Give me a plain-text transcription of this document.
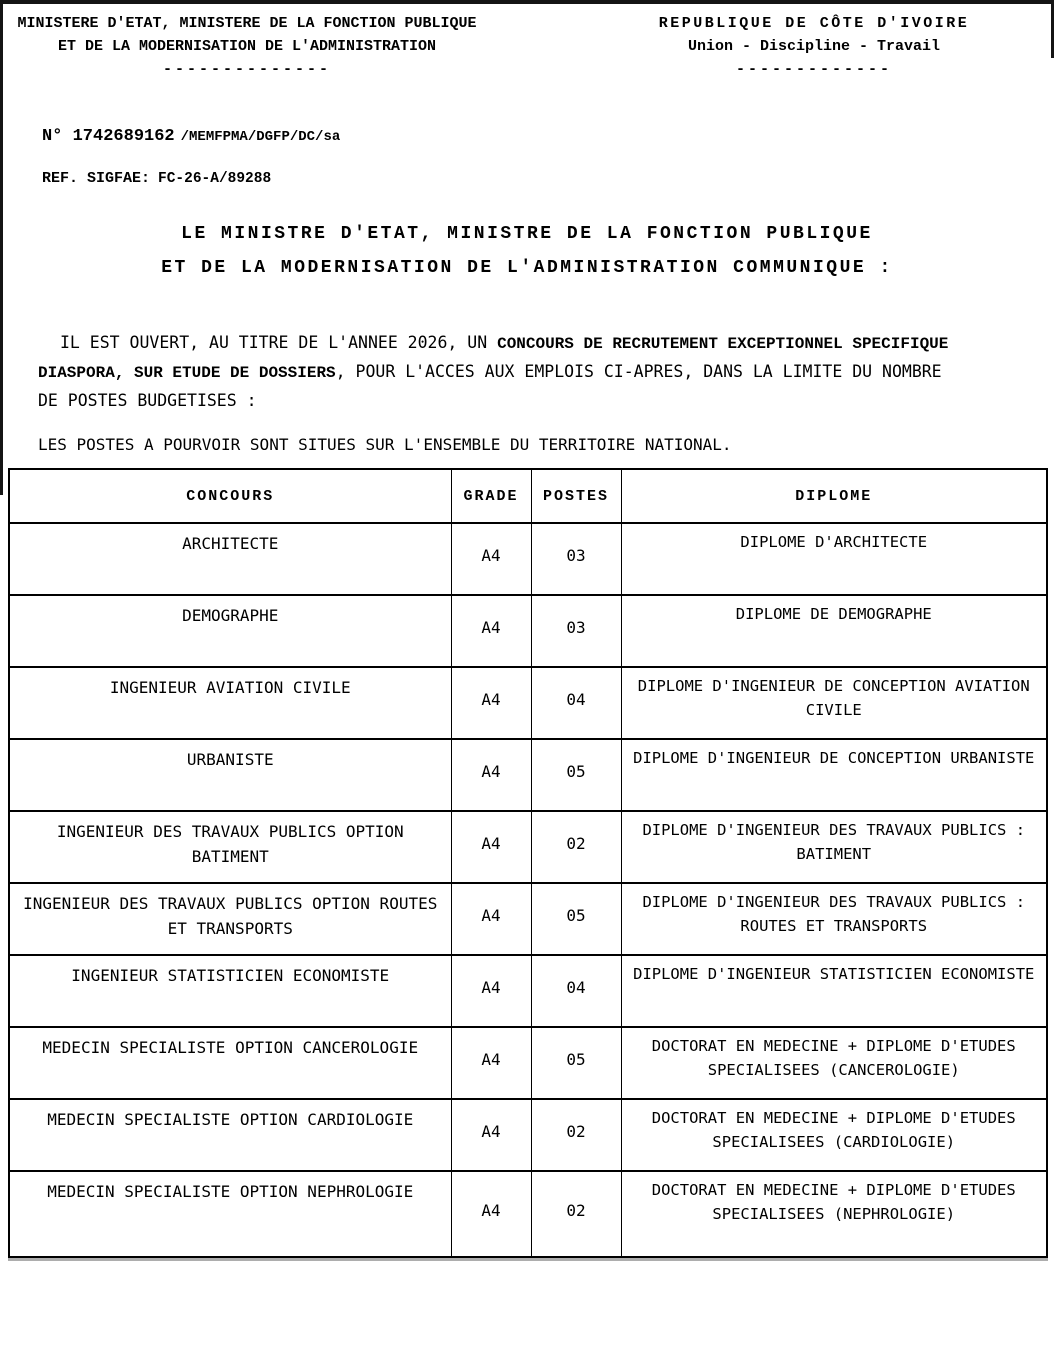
MINISTERE D'ETAT, MINISTERE DE LA FONCTION PUBLIQUE
ET DE LA MODERNISATION DE L'ADMINISTRATION
--------------
REPUBLIQUE DE CÔTE D'IVOIRE
Union - Discipline - Travail
-------------
N° 1742689162 /MEMFPMA/DGFP/DC/sa
REF. SIGFAE: FC-26-A/89288
LE MINISTRE D'ETAT, MINISTRE DE LA FONCTION PUBLIQUE
ET DE LA MODERNISATION DE L'ADMINISTRATION COMMUNIQUE :

IL EST OUVERT, AU TITRE DE L'ANNEE 2026, UN CONCOURS DE RECRUTEMENT EXCEPTIONNEL SPECIFIQUE DIASPORA, SUR ETUDE DE DOSSIERS, POUR L'ACCES AUX EMPLOIS CI-APRES, DANS LA LIMITE DU NOMBRE DE POSTES BUDGETISES :

LES POSTES A POURVOIR SONT SITUES SUR L'ENSEMBLE DU TERRITOIRE NATIONAL.

CONCOURS	GRADE	POSTES	DIPLOME
ARCHITECTE	A4	03	DIPLOME D'ARCHITECTE
DEMOGRAPHE	A4	03	DIPLOME DE DEMOGRAPHE
INGENIEUR AVIATION CIVILE	A4	04	DIPLOME D'INGENIEUR DE CONCEPTION AVIATION CIVILE
URBANISTE	A4	05	DIPLOME D'INGENIEUR DE CONCEPTION URBANISTE
INGENIEUR DES TRAVAUX PUBLICS OPTION BATIMENT	A4	02	DIPLOME D'INGENIEUR DES TRAVAUX PUBLICS : BATIMENT
INGENIEUR DES TRAVAUX PUBLICS OPTION ROUTES ET TRANSPORTS	A4	05	DIPLOME D'INGENIEUR DES TRAVAUX PUBLICS : ROUTES ET TRANSPORTS
INGENIEUR STATISTICIEN ECONOMISTE	A4	04	DIPLOME D'INGENIEUR STATISTICIEN ECONOMISTE
MEDECIN SPECIALISTE OPTION CANCEROLOGIE	A4	05	DOCTORAT EN MEDECINE + DIPLOME D'ETUDES SPECIALISEES (CANCEROLOGIE)
MEDECIN SPECIALISTE OPTION CARDIOLOGIE	A4	02	DOCTORAT EN MEDECINE + DIPLOME D'ETUDES SPECIALISEES (CARDIOLOGIE)
MEDECIN SPECIALISTE OPTION NEPHROLOGIE	A4	02	DOCTORAT EN MEDECINE + DIPLOME D'ETUDES SPECIALISEES (NEPHROLOGIE)
